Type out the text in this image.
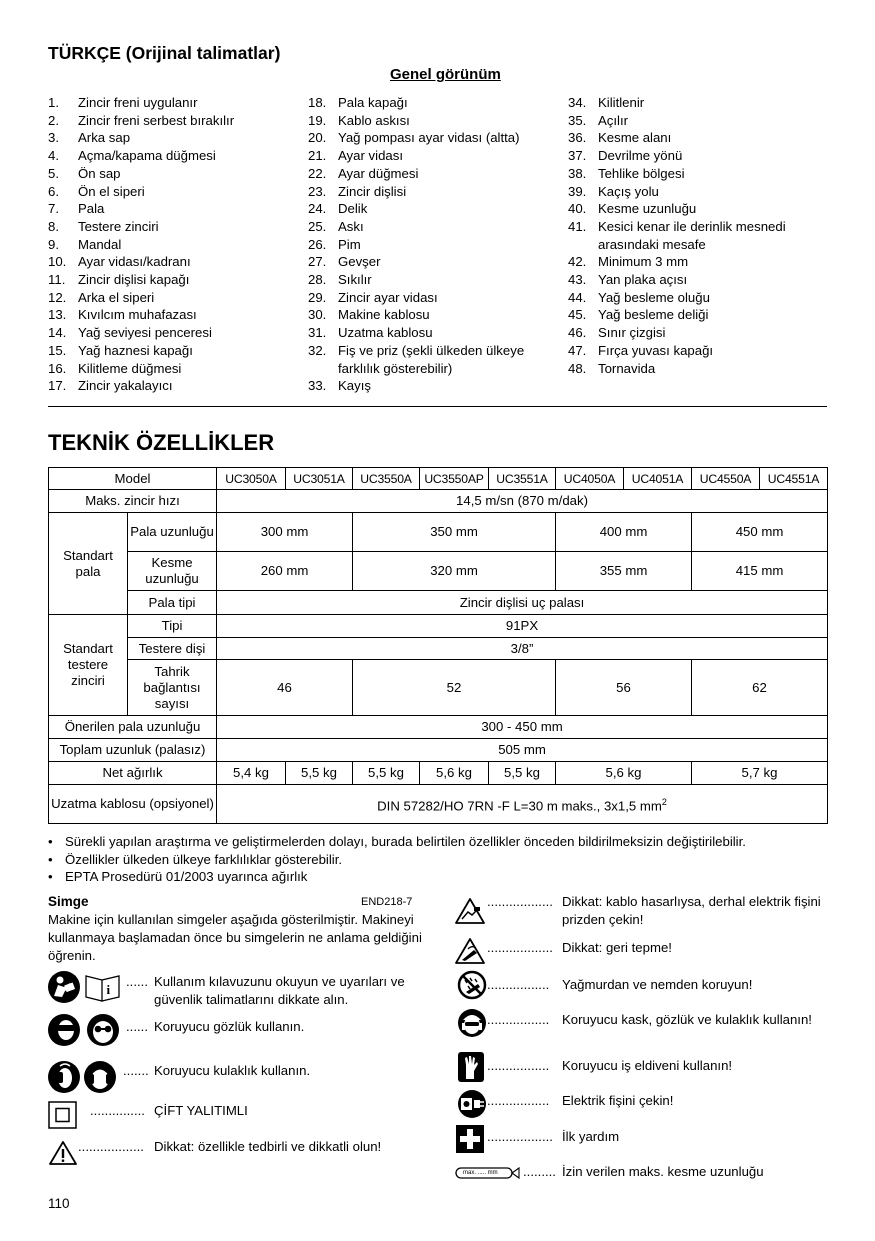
TÜRKÇE (Orijinal talimatlar)
Genel görünüm
1. Zincir freni uygulanır
2. Zincir freni serbest bırakılır
3. Arka sap
4. Açma/kapama düğmesi
5. Ön sap
6. Ön el siperi
7. Pala
8. Testere zinciri
9. Mandal
10. Ayar vidası/kadranı
11. Zincir dişlisi kapağı
12. Arka el siperi
13. Kıvılcım muhafazası
14. Yağ seviyesi penceresi
15. Yağ haznesi kapağı
16. Kilitleme düğmesi
17. Zincir yakalayıcı
18. Pala kapağı
19. Kablo askısı
20. Yağ pompası ayar vidası (altta)
21. Ayar vidası
22. Ayar düğmesi
23. Zincir dişlisi
24. Delik
25. Askı
26. Pim
27. Gevşer
28. Sıkılır
29. Zincir ayar vidası
30. Makine kablosu
31. Uzatma kablosu
32. Fiş ve priz (şekli ülkeden ülkeye farklılık gösterebilir)
33. Kayış
34. Kilitlenir
35. Açılır
36. Kesme alanı
37. Devrilme yönü
38. Tehlike bölgesi
39. Kaçış yolu
40. Kesme uzunluğu
41. Kesici kenar ile derinlik mesnedi arasındaki mesafe
42. Minimum 3 mm
43. Yan plaka açısı
44. Yağ besleme oluğu
45. Yağ besleme deliği
46. Sınır çizgisi
47. Fırça yuvası kapağı
48. Tornavida
TEKNİK ÖZELLİKLER
Model		UC3050A	UC3051A	UC3550A	UC3550AP	UC3551A	UC4050A	UC4051A	UC4550A	UC4551A
Maks. zincir hızı		14,5 m/sn (870 m/dak)								
Standart pala	Pala uzunluğu	300 mm		350 mm			400 mm		450 mm	
	Kesme uzunluğu	260 mm		320 mm			355 mm		415 mm	
	Pala tipi	Zincir dişlisi uç palası								
Standart testere zinciri	Tipi	91PX								
	Testere dişi	3/8”								
	Tahrik bağlantısı sayısı	46		52			56		62	
Önerilen pala uzunluğu		300 - 450 mm								
Toplam uzunluk (palasız)		505 mm								
Net ağırlık		5,4 kg	5,5 kg	5,5 kg	5,6 kg	5,5 kg	5,6 kg		5,7 kg	
Uzatma kablosu (opsiyonel)		DIN 57282/HO 7RN -F L=30 m maks., 3x1,5 $mm^2$
• Sürekli yapılan araştırma ve geliştirmelerden dolayı, burada belirtilen özellikler önceden bildirilmeksizin değiştirilebilir.
• Özellikler ülkeden ülkeye farklılıklar gösterebilir.
• EPTA Prosedürü 01/2003 uyarınca ağırlık
Simge	END218-7
Makine için kullanılan simgeler aşağıda gösterilmiştir. Makineyi kullanmaya başlamadan önce bu simgelerin ne anlama geldiğini öğrenin.
i
...... Kullanım kılavuzunu okuyun ve uyarıları ve güvenlik talimatlarını dikkate alın.
...... Koruyucu gözlük kullanın.
....... Koruyucu kulaklık kullanın.
............... ÇİFT YALITIMLI
.................. Dikkat: özellikle tedbirli ve dikkatli olun!
.................. Dikkat: kablo hasarlıysa, derhal elektrik fişini prizden çekin!
.................. Dikkat: geri tepme!
................. Yağmurdan ve nemden koruyun!
................. Koruyucu kask, gözlük ve kulaklık kullanın!
................. Koruyucu iş eldiveni kullanın!
................. Elektrik fişini çekin!
.................. İlk yardım
max. ..... mm ......... İzin verilen maks. kesme uzunluğu
110
